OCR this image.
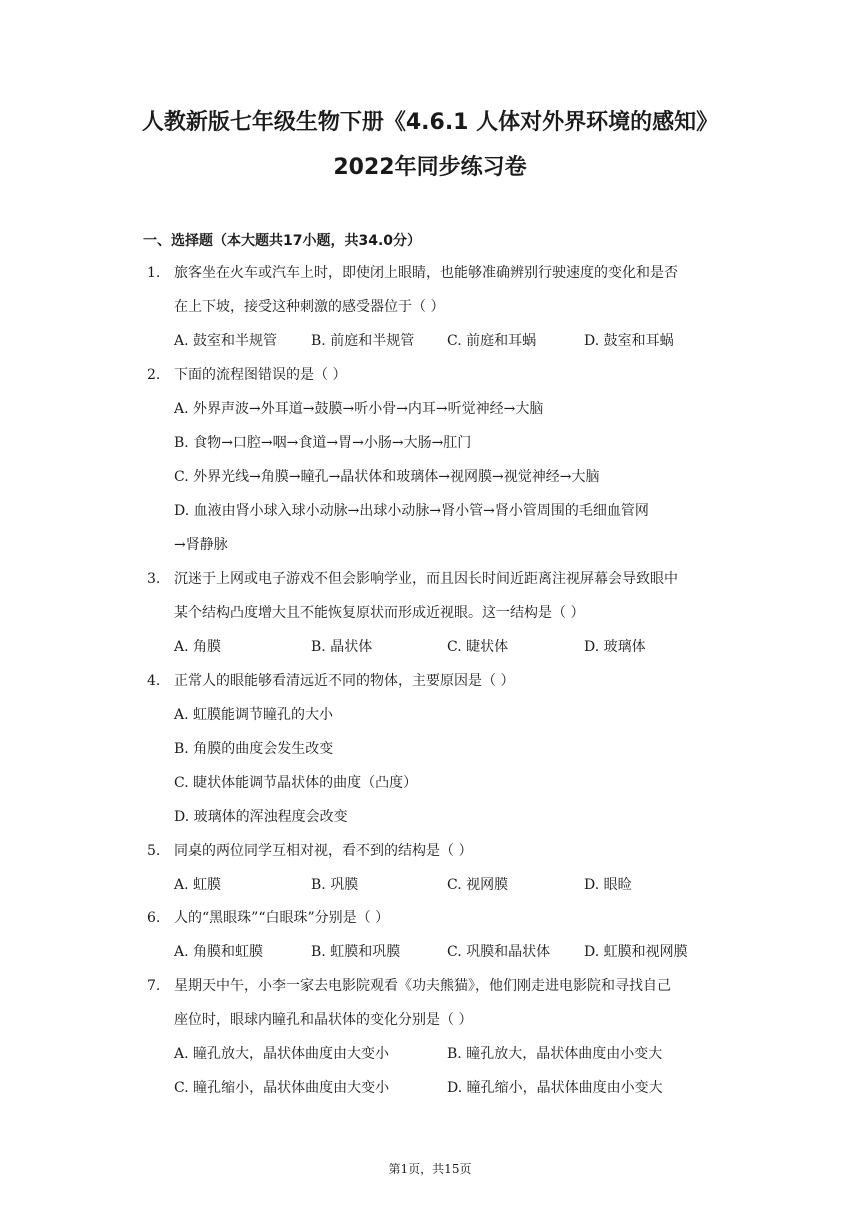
人教新版七年级生物下册《4.6.1 人体对外界环境的感知》
2022年同步练习卷
一、选择题（本大题共17小题，共34.0分）
1. 旅客坐在火车或汽车上时，即使闭上眼睛，也能够准确辨别行驶速度的变化和是否
在上下坡，接受这种刺激的感受器位于（ ）
A. 鼓室和半规管 B. 前庭和半规管 C. 前庭和耳蜗	D. 鼓室和耳蜗
2. 下面的流程图错误的是（ ）
A. 外界声波→外耳道→鼓膜→听小骨→内耳→听觉神经→大脑
B. 食物→口腔→咽→食道→胃→小肠→大肠→肛门
C. 外界光线→角膜→瞳孔→晶状体和玻璃体→视网膜→视觉神经→大脑
D. 血液由肾小球入球小动脉→出球小动脉→肾小管→肾小管周围的毛细血管网
→肾静脉
3. 沉迷于上网或电子游戏不但会影响学业，而且因长时间近距离注视屏幕会导致眼中
某个结构凸度增大且不能恢复原状而形成近视眼。这一结构是（ ）
A. 角膜	B. 晶状体	C. 睫状体	D. 玻璃体
4. 正常人的眼能够看清远近不同的物体，主要原因是（ ）
A. 虹膜能调节瞳孔的大小
B. 角膜的曲度会发生改变
C. 睫状体能调节晶状体的曲度（凸度）
D. 玻璃体的浑浊程度会改变
5. 同桌的两位同学互相对视，看不到的结构是（ ）
A. 虹膜	B. 巩膜	C. 视网膜	D. 眼睑
6. 人的“黑眼珠”“白眼珠”分别是（ ）
A. 角膜和虹膜	B. 虹膜和巩膜	C. 巩膜和晶状体 D. 虹膜和视网膜
7. 星期天中午，小李一家去电影院观看《功夫熊猫》，他们刚走进电影院和寻找自己
座位时，眼球内瞳孔和晶状体的变化分别是（ ）
A. 瞳孔放大，晶状体曲度由大变小	B. 瞳孔放大，晶状体曲度由小变大
C. 瞳孔缩小，晶状体曲度由大变小	D. 瞳孔缩小，晶状体曲度由小变大
第1页，共15页
